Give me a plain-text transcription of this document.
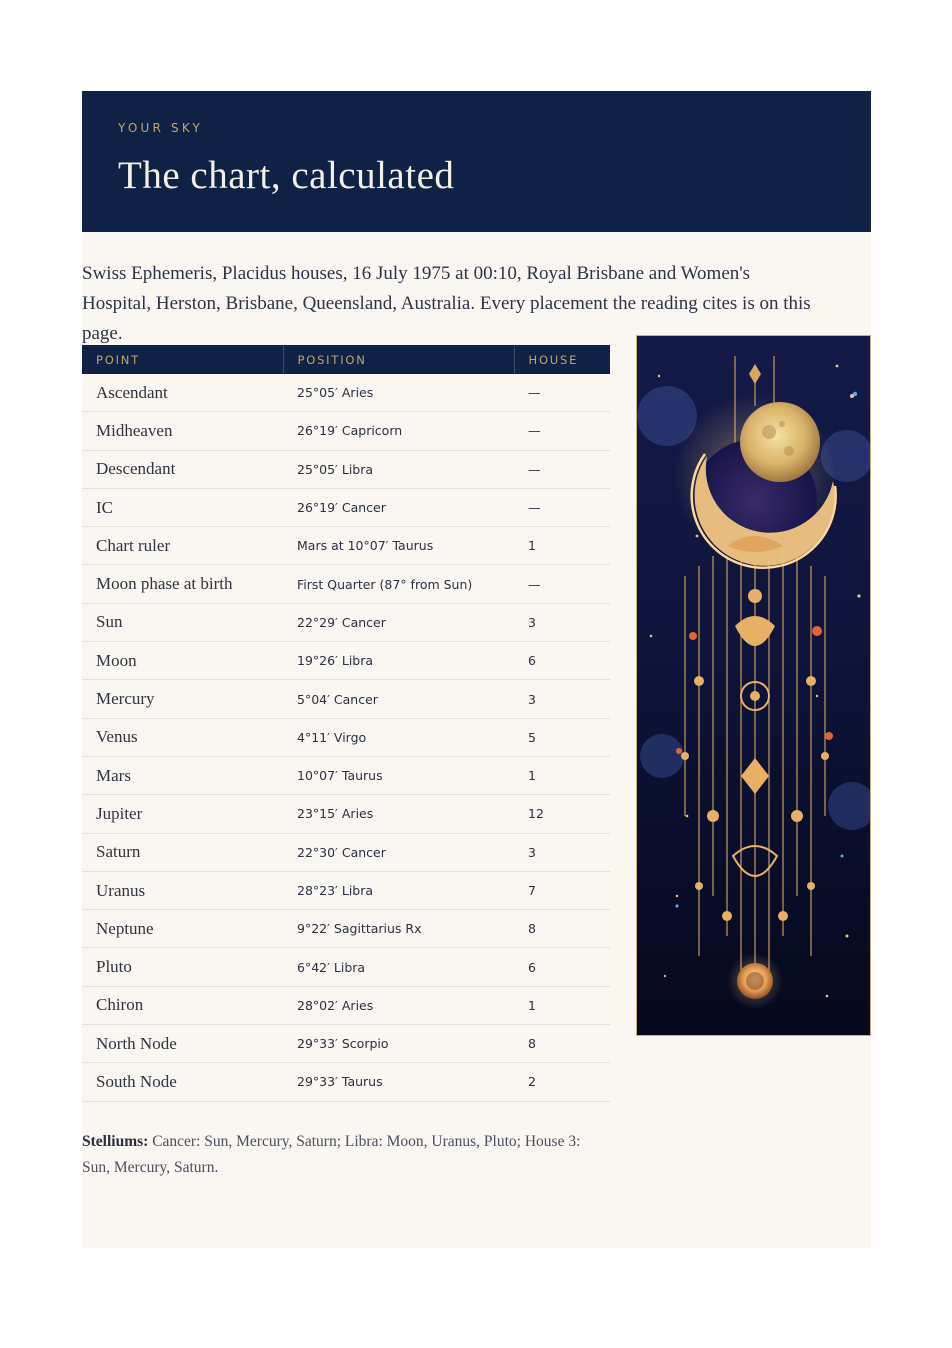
YOUR SKY
The chart, calculated
Swiss Ephemeris, Placidus houses, 16 July 1975 at 00:10, Royal Brisbane and Women's Hospital, Herston, Brisbane, Queensland, Australia. Every placement the reading cites is on this page.
POINT	POSITION	HOUSE
Ascendant	25°05′ Aries	—
Midheaven	26°19′ Capricorn	—
Descendant	25°05′ Libra	—
IC	26°19′ Cancer	—
Chart ruler	Mars at 10°07′ Taurus	1
Moon phase at birth	First Quarter (87° from Sun)	—
Sun	22°29′ Cancer	3
Moon	19°26′ Libra	6
Mercury	5°04′ Cancer	3
Venus	4°11′ Virgo	5
Mars	10°07′ Taurus	1
Jupiter	23°15′ Aries	12
Saturn	22°30′ Cancer	3
Uranus	28°23′ Libra	7
Neptune	9°22′ Sagittarius Rx	8
Pluto	6°42′ Libra	6
Chiron	28°02′ Aries	1
North Node	29°33′ Scorpio	8
South Node	29°33′ Taurus	2
Stelliums: Cancer: Sun, Mercury, Saturn; Libra: Moon, Uranus, Pluto; House 3: Sun, Mercury, Saturn.
